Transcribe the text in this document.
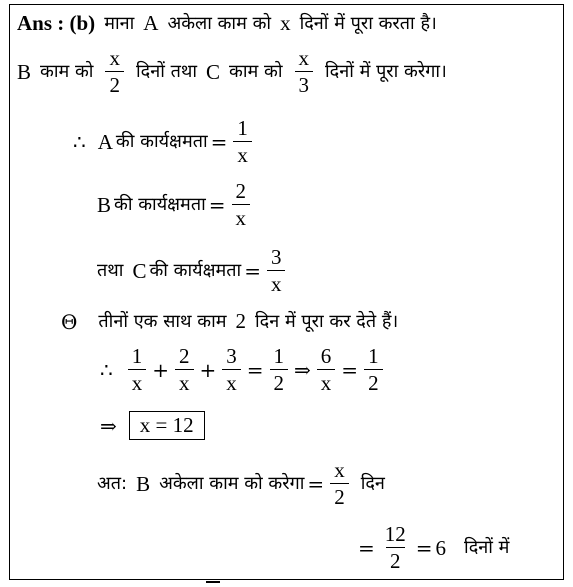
Ans : (b) माना A अकेला काम को x दिनों में पूरा करता है।
B काम को $\frac{x}{2}$ दिनों तथा C काम को $\frac{x}{3}$ दिनों में पूरा करेगा।
∴ A की कार्यक्षमता = $\frac{1}{x}$
B की कार्यक्षमता = $\frac{2}{x}$
तथा C की कार्यक्षमता = $\frac{3}{x}$
Θ तीनों एक साथ काम 2 दिन में पूरा कर देते हैं।
∴ $\frac{1}{x} + \frac{2}{x} + \frac{3}{x} = \frac{1}{2}$ ⇒ $\frac{6}{x} = \frac{1}{2}$
⇒	x = 12
अत: B अकेला काम को करेगा = $\frac{x}{2}$ दिन
= $\frac{12}{2} = 6$ दिनों में
